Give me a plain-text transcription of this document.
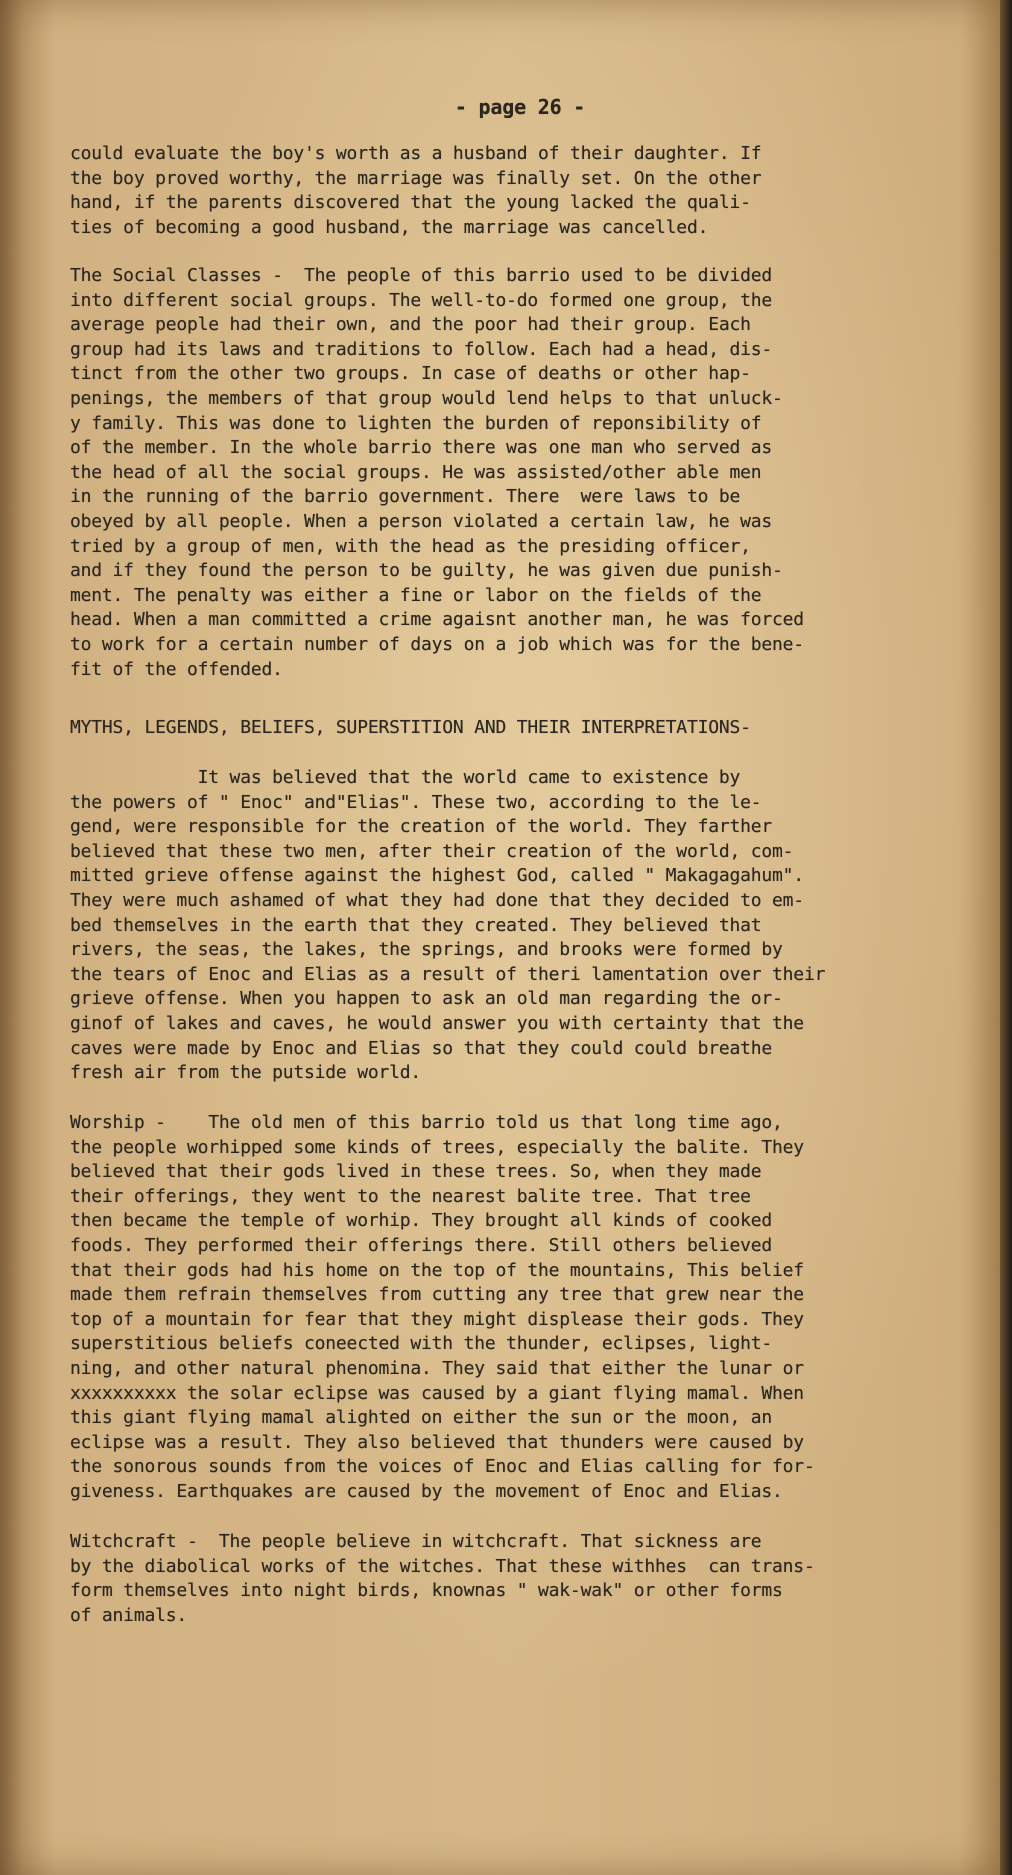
- page 26 -
could evaluate the boy's worth as a husband of their daughter. If
the boy proved worthy, the marriage was finally set. On the other
hand, if the parents discovered that the young lacked the quali-
ties of becoming a good husband, the marriage was cancelled.
The Social Classes -  The people of this barrio used to be divided
into different social groups. The well-to-do formed one group, the
average people had their own, and the poor had their group. Each
group had its laws and traditions to follow. Each had a head, dis-
tinct from the other two groups. In case of deaths or other hap-
penings, the members of that group would lend helps to that unluck-
y family. This was done to lighten the burden of reponsibility of
of the member. In the whole barrio there was one man who served as
the head of all the social groups. He was assisted/other able men
in the running of the barrio government. There  were laws to be
obeyed by all people. When a person violated a certain law, he was
tried by a group of men, with the head as the presiding officer,
and if they found the person to be guilty, he was given due punish-
ment. The penalty was either a fine or labor on the fields of the
head. When a man committed a crime agaisnt another man, he was forced
to work for a certain number of days on a job which was for the bene-
fit of the offended.
MYTHS, LEGENDS, BELIEFS, SUPERSTITION AND THEIR INTERPRETATIONS-
It was believed that the world came to existence by
the powers of " Enoc" and"Elias". These two, according to the le-
gend, were responsible for the creation of the world. They farther
believed that these two men, after their creation of the world, com-
mitted grieve offense against the highest God, called " Makagagahum".
They were much ashamed of what they had done that they decided to em-
bed themselves in the earth that they created. They believed that
rivers, the seas, the lakes, the springs, and brooks were formed by
the tears of Enoc and Elias as a result of theri lamentation over their
grieve offense. When you happen to ask an old man regarding the or-
ginof of lakes and caves, he would answer you with certainty that the
caves were made by Enoc and Elias so that they could could breathe
fresh air from the putside world.
Worship -    The old men of this barrio told us that long time ago,
the people worhipped some kinds of trees, especially the balite. They
believed that their gods lived in these trees. So, when they made
their offerings, they went to the nearest balite tree. That tree
then became the temple of worhip. They brought all kinds of cooked
foods. They performed their offerings there. Still others believed
that their gods had his home on the top of the mountains, This belief
made them refrain themselves from cutting any tree that grew near the
top of a mountain for fear that they might displease their gods. They
superstitious beliefs coneected with the thunder, eclipses, light-
ning, and other natural phenomina. They said that either the lunar or
xxxxxxxxxx the solar eclipse was caused by a giant flying mamal. When
this giant flying mamal alighted on either the sun or the moon, an
eclipse was a result. They also believed that thunders were caused by
the sonorous sounds from the voices of Enoc and Elias calling for for-
giveness. Earthquakes are caused by the movement of Enoc and Elias.
Witchcraft -  The people believe in witchcraft. That sickness are
by the diabolical works of the witches. That these withhes  can trans-
form themselves into night birds, knownas " wak-wak" or other forms
of animals.
